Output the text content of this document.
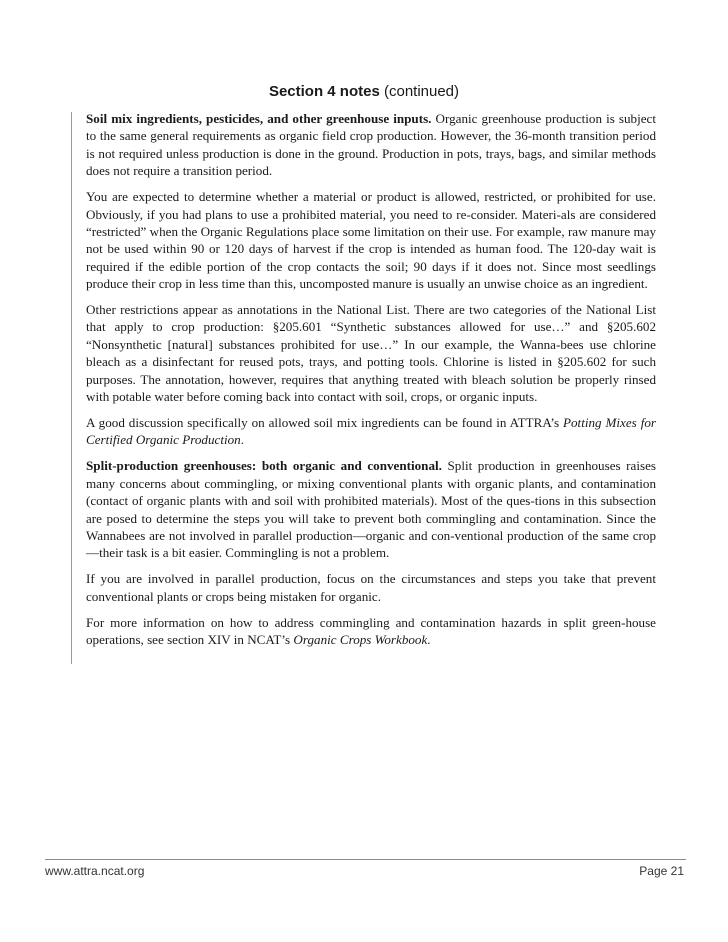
Section 4 notes (continued)

Soil mix ingredients, pesticides, and other greenhouse inputs. Organic greenhouse production is subject to the same general requirements as organic field crop production. However, the 36-month transition period is not required unless production is done in the ground. Production in pots, trays, bags, and similar methods does not require a transition period.

You are expected to determine whether a material or product is allowed, restricted, or prohibited for use. Obviously, if you had plans to use a prohibited material, you need to re-consider. Materi-als are considered “restricted” when the Organic Regulations place some limitation on their use. For example, raw manure may not be used within 90 or 120 days of harvest if the crop is intended as human food. The 120-day wait is required if the edible portion of the crop contacts the soil; 90 days if it does not. Since most seedlings produce their crop in less time than this, uncomposted manure is usually an unwise choice as an ingredient.

Other restrictions appear as annotations in the National List. There are two categories of the National List that apply to crop production: §205.601 “Synthetic substances allowed for use…” and §205.602 “Nonsynthetic [natural] substances prohibited for use…” In our example, the Wanna-bees use chlorine bleach as a disinfectant for reused pots, trays, and potting tools. Chlorine is listed in §205.602 for such purposes. The annotation, however, requires that anything treated with bleach solution be properly rinsed with potable water before coming back into contact with soil, crops, or organic inputs.

A good discussion specifically on allowed soil mix ingredients can be found in ATTRA’s Potting Mixes for Certified Organic Production.

Split-production greenhouses: both organic and conventional. Split production in greenhouses raises many concerns about commingling, or mixing conventional plants with organic plants, and contamination (contact of organic plants with and soil with prohibited materials). Most of the ques-tions in this subsection are posed to determine the steps you will take to prevent both commingling and contamination. Since the Wannabees are not involved in parallel production—organic and con-ventional production of the same crop—their task is a bit easier. Commingling is not a problem.

If you are involved in parallel production, focus on the circumstances and steps you take that prevent conventional plants or crops being mistaken for organic.

For more information on how to address commingling and contamination hazards in split green-house operations, see section XIV in NCAT’s Organic Crops Workbook.

www.attra.ncat.org	Page 21
